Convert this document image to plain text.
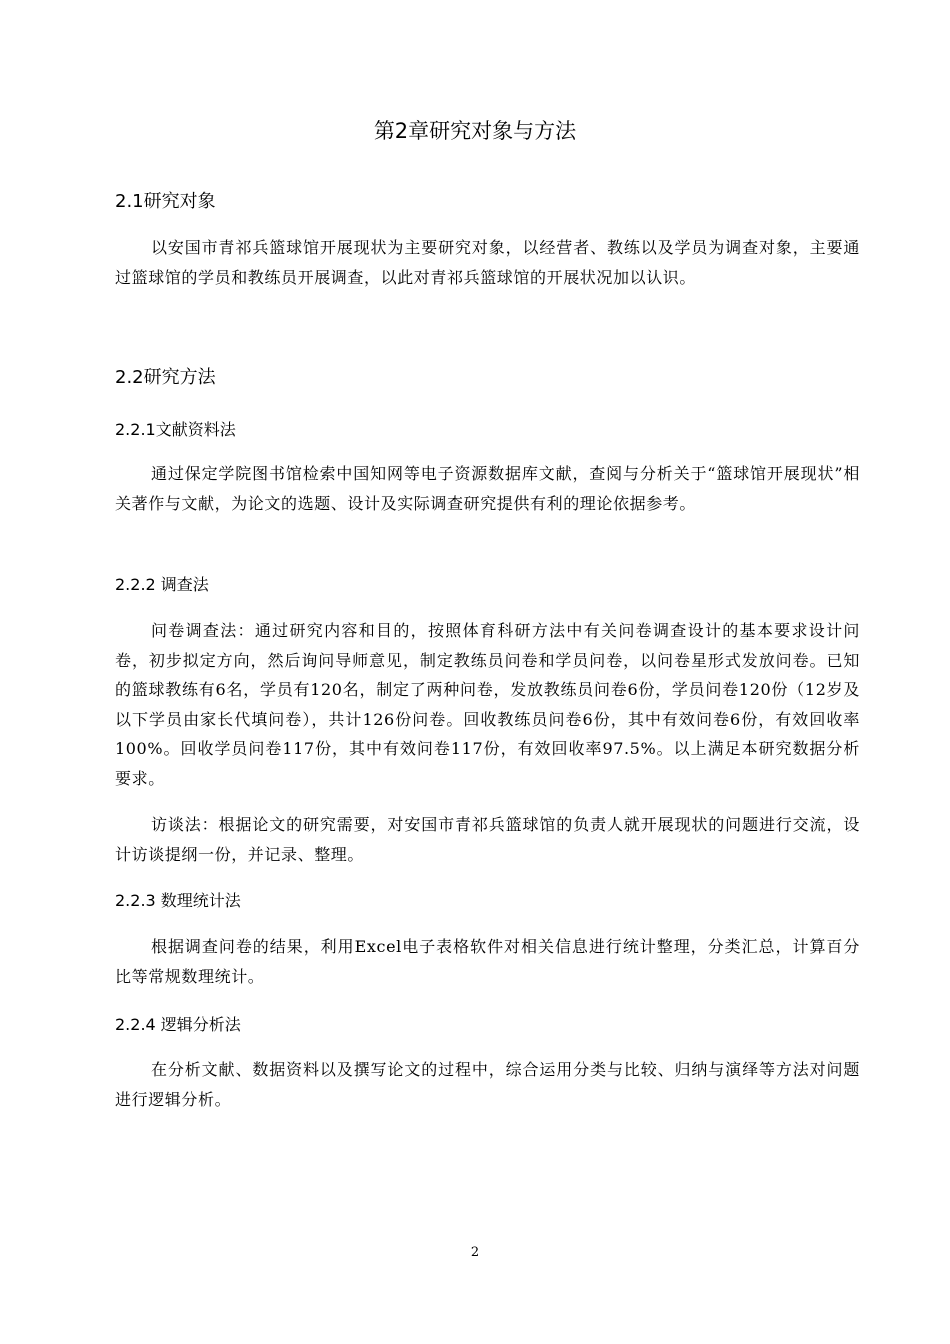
第2章研究对象与方法
2.1研究对象

以安国市青祁兵篮球馆开展现状为主要研究对象，以经营者、教练以及学员为调查对象，主要通过篮球馆的学员和教练员开展调查，以此对青祁兵篮球馆的开展状况加以认识。

2.2研究方法
2.2.1文献资料法

通过保定学院图书馆检索中国知网等电子资源数据库文献，查阅与分析关于“篮球馆开展现状”相关著作与文献，为论文的选题、设计及实际调查研究提供有利的理论依据参考。

2.2.2 调查法

问卷调查法：通过研究内容和目的，按照体育科研方法中有关问卷调查设计的基本要求设计问卷，初步拟定方向，然后询问导师意见，制定教练员问卷和学员问卷，以问卷星形式发放问卷。已知的篮球教练有6名，学员有120名，制定了两种问卷，发放教练员问卷6份，学员问卷120份（12岁及以下学员由家长代填问卷），共计126份问卷。回收教练员问卷6份，其中有效问卷6份，有效回收率100%。回收学员问卷117份，其中有效问卷117份，有效回收率97.5%。以上满足本研究数据分析要求。

访谈法：根据论文的研究需要，对安国市青祁兵篮球馆的负责人就开展现状的问题进行交流，设计访谈提纲一份，并记录、整理。

2.2.3 数理统计法

根据调查问卷的结果，利用Excel电子表格软件对相关信息进行统计整理，分类汇总，计算百分比等常规数理统计。

2.2.4 逻辑分析法

在分析文献、数据资料以及撰写论文的过程中，综合运用分类与比较、归纳与演绎等方法对问题进行逻辑分析。

2
